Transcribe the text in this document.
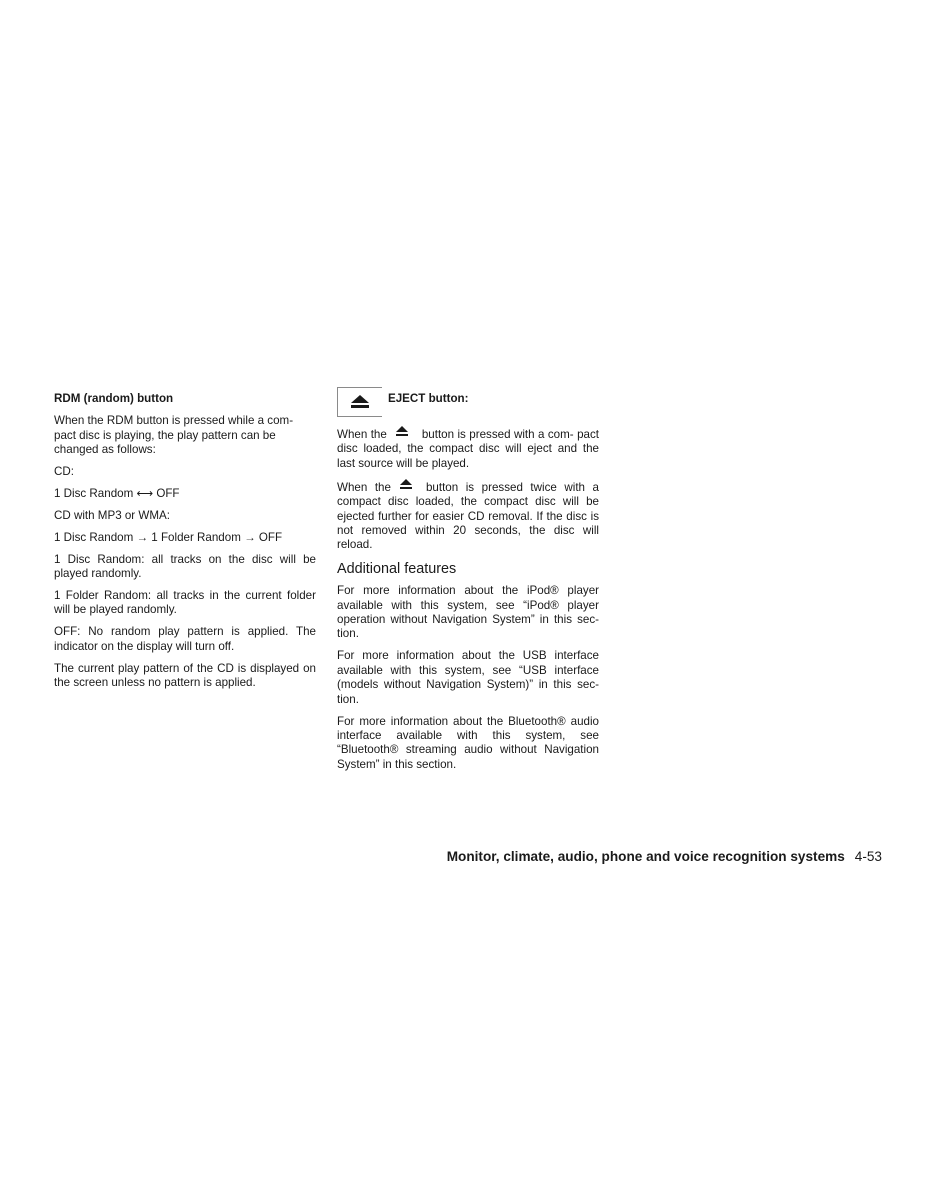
RDM (random) button

When the RDM button is pressed while a com-
pact disc is playing, the play pattern can be
changed as follows:

CD:

1 Disc Random ⟷ OFF

CD with MP3 or WMA:

1 Disc Random → 1 Folder Random → OFF

1 Disc Random: all tracks on the disc will be played randomly.

1 Folder Random: all tracks in the current folder will be played randomly.

OFF: No random play pattern is applied. The indicator on the display will turn off.

The current play pattern of the CD is displayed on the screen unless no pattern is applied.

EJECT button:

When the	button is pressed with a com- pact disc loaded, the compact disc will eject and the last source will be played.

When the	button is pressed twice with a compact disc loaded, the compact disc will be ejected further for easier CD removal. If the disc is not removed within 20 seconds, the disc will reload.

Additional features

For more information about the iPod® player available with this system, see “iPod® player operation without Navigation System” in this sec-tion.

For more information about the USB interface available with this system, see “USB interface (models without Navigation System)” in this sec-tion.

For more information about the Bluetooth® audio interface available with this system, see “Bluetooth® streaming audio without Navigation System” in this section.

Monitor, climate, audio, phone and voice recognition systems 4-53
